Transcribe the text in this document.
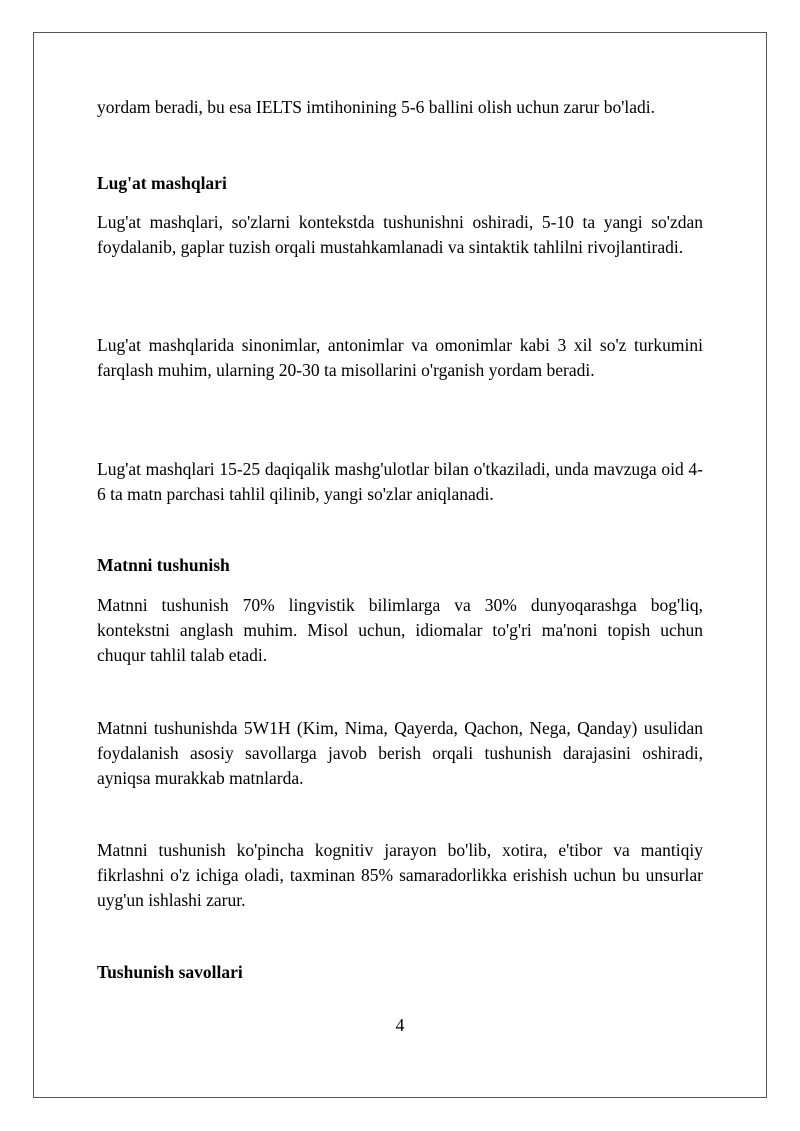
yordam beradi, bu esa IELTS imtihonining 5-6 ballini olish uchun zarur bo'ladi.

Lug'at mashqlari

Lug'at mashqlari, so'zlarni kontekstda tushunishni oshiradi, 5-10 ta yangi so'zdan foydalanib, gaplar tuzish orqali mustahkamlanadi va sintaktik tahlilni rivojlantiradi.

Lug'at mashqlarida sinonimlar, antonimlar va omonimlar kabi 3 xil so'z turkumini farqlash muhim, ularning 20-30 ta misollarini o'rganish yordam beradi.

Lug'at mashqlari 15-25 daqiqalik mashg'ulotlar bilan o'tkaziladi, unda mavzuga oid 4-6 ta matn parchasi tahlil qilinib, yangi so'zlar aniqlanadi.

Matnni tushunish

Matnni tushunish 70% lingvistik bilimlarga va 30% dunyoqarashga bog'liq, kontekstni anglash muhim. Misol uchun, idiomalar to'g'ri ma'noni topish uchun chuqur tahlil talab etadi.

Matnni tushunishda 5W1H (Kim, Nima, Qayerda, Qachon, Nega, Qanday) usulidan foydalanish asosiy savollarga javob berish orqali tushunish darajasini oshiradi, ayniqsa murakkab matnlarda.

Matnni tushunish ko'pincha kognitiv jarayon bo'lib, xotira, e'tibor va mantiqiy fikrlashni o'z ichiga oladi, taxminan 85% samaradorlikka erishish uchun bu unsurlar uyg'un ishlashi zarur.

Tushunish savollari
4
